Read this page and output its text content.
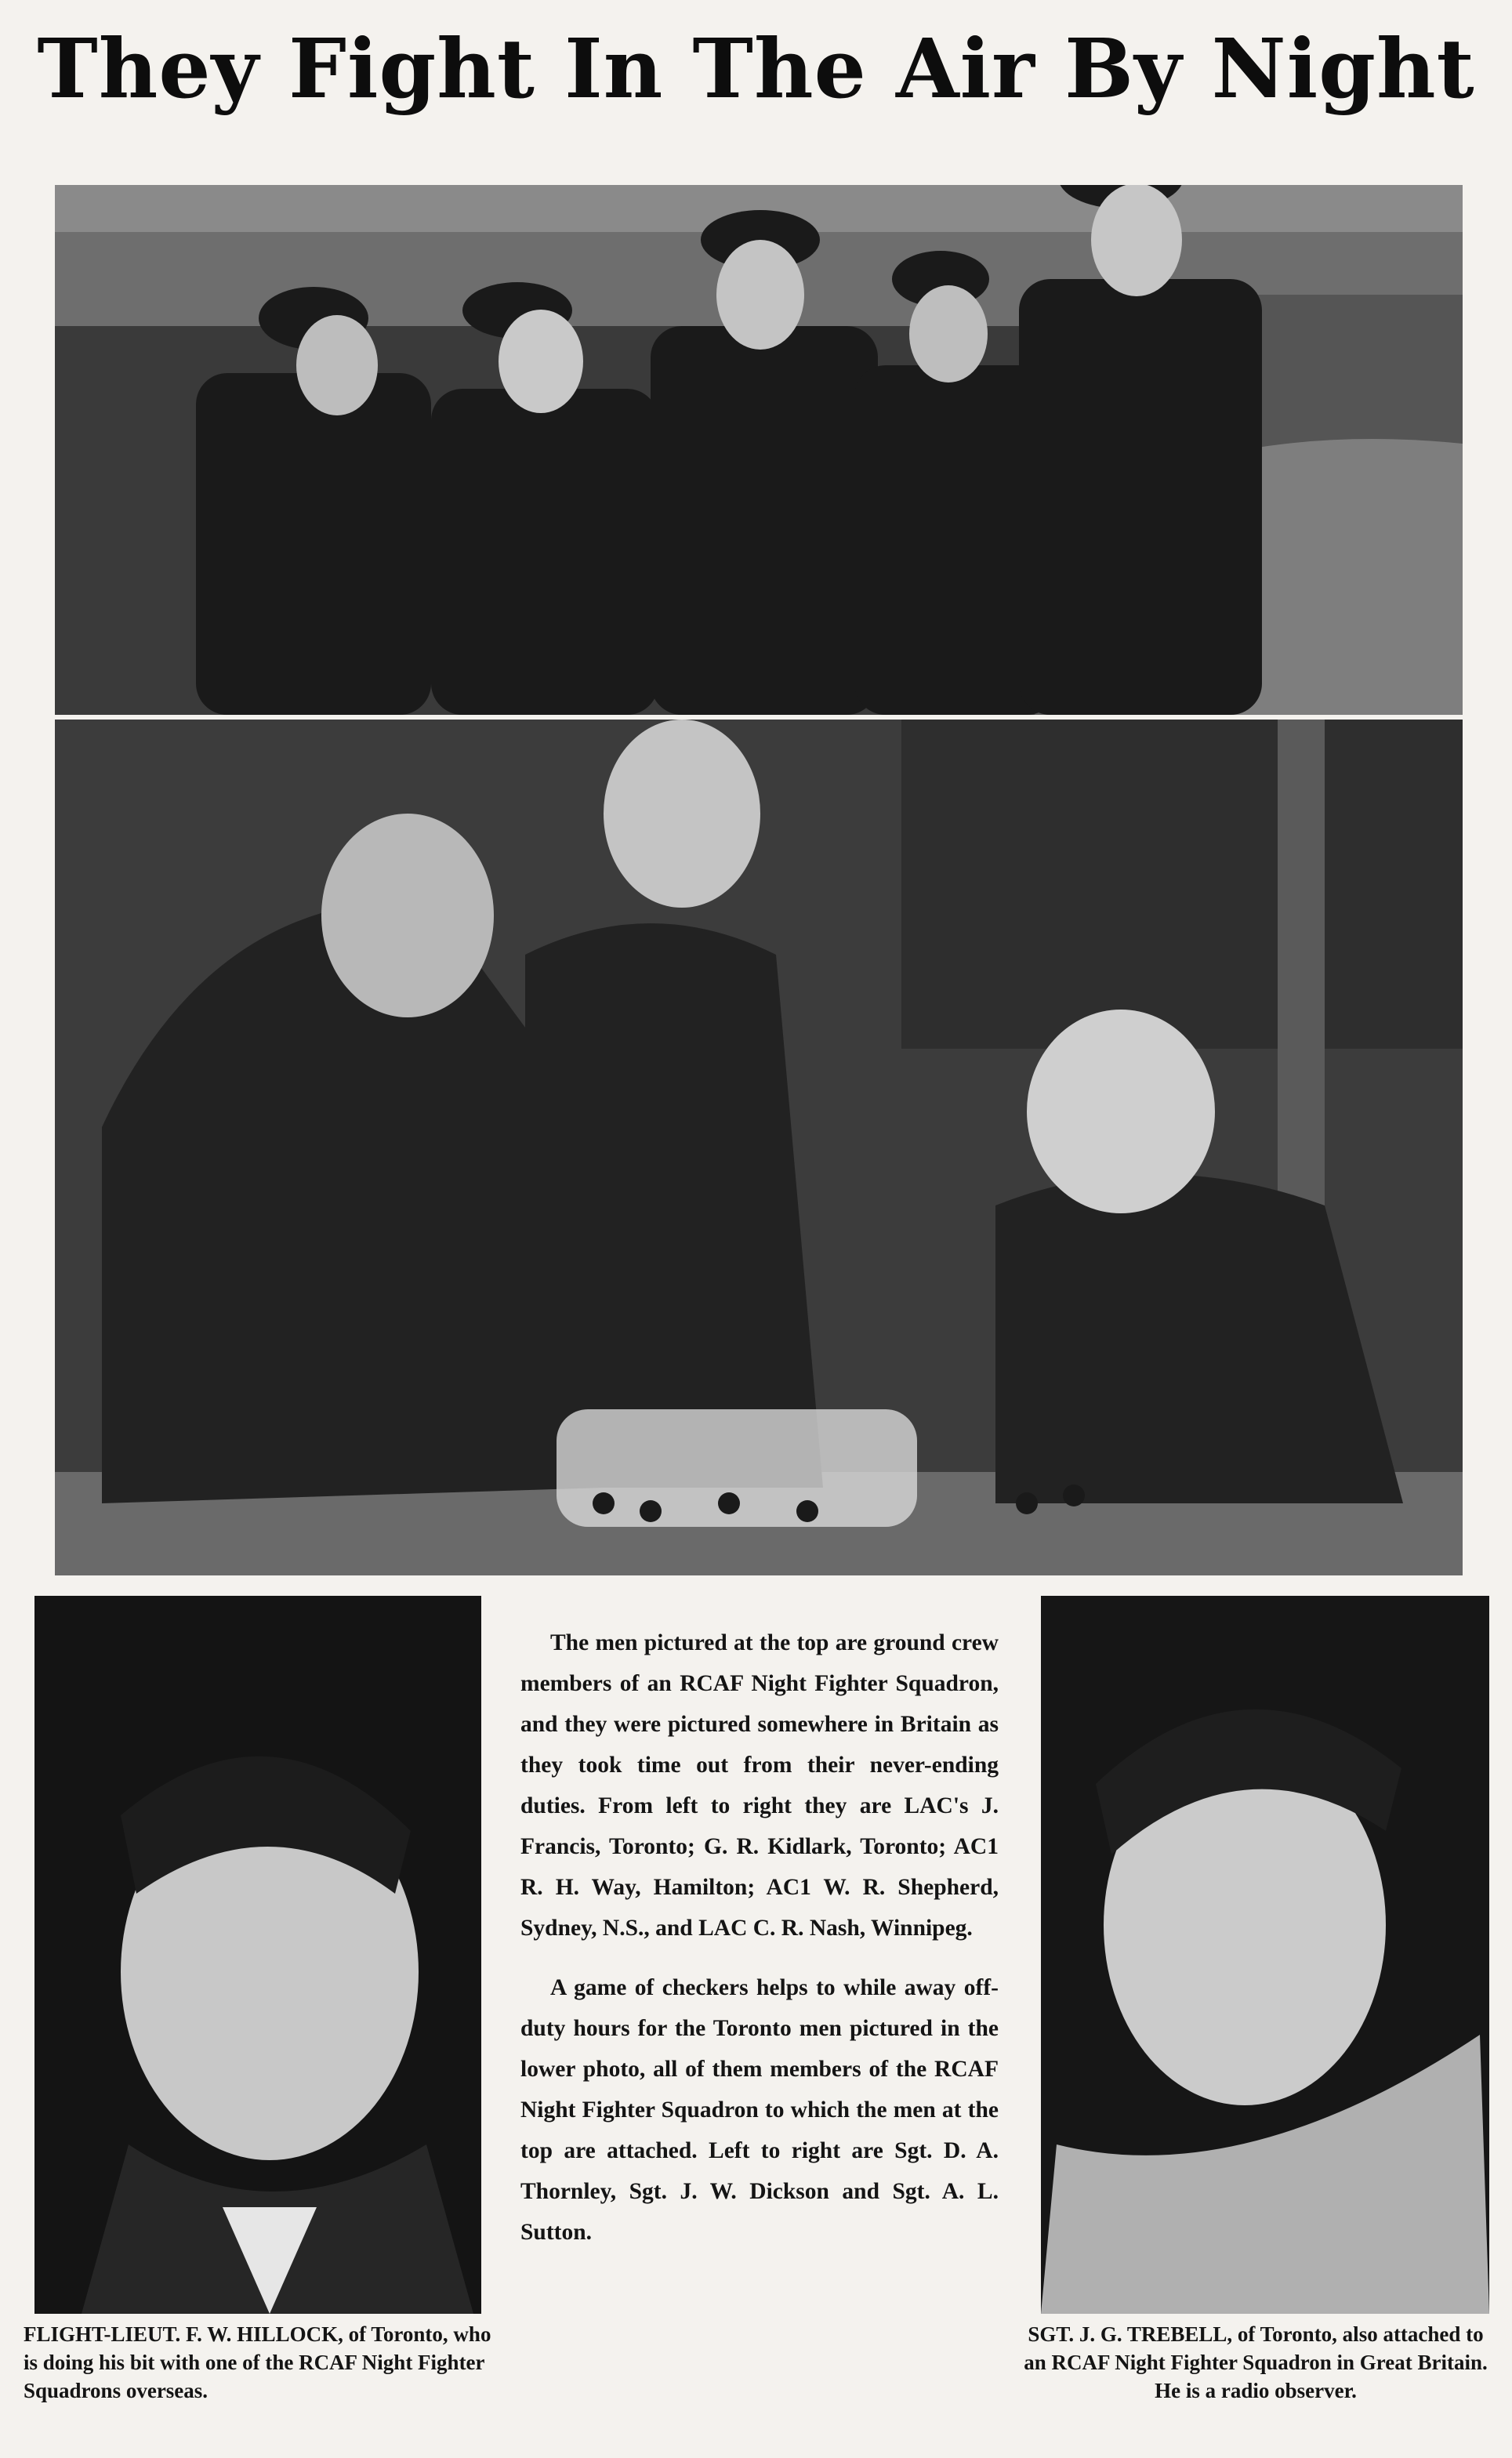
They Fight In The Air By Night

The men pictured at the top are ground crew members of an RCAF Night Fighter Squadron, and they were pictured somewhere in Britain as they took time out from their never-ending duties. From left to right they are LAC's J. Francis, Toronto; G. R. Kidlark, Toronto; AC1 R. H. Way, Hamilton; AC1 W. R. Shepherd, Sydney, N.S., and LAC C. R. Nash, Winnipeg.

A game of checkers helps to while away off-duty hours for the Toronto men pictured in the lower photo, all of them members of the RCAF Night Fighter Squadron to which the men at the top are attached. Left to right are Sgt. D. A. Thornley, Sgt. J. W. Dickson and Sgt. A. L. Sutton.

FLIGHT-LIEUT. F. W. HILLOCK, of Toronto, who is doing his bit with one of the RCAF Night Fighter Squadrons overseas.
SGT. J. G. TREBELL, of Toronto, also attached to an RCAF Night Fighter Squadron in Great Britain. He is a radio observer.
